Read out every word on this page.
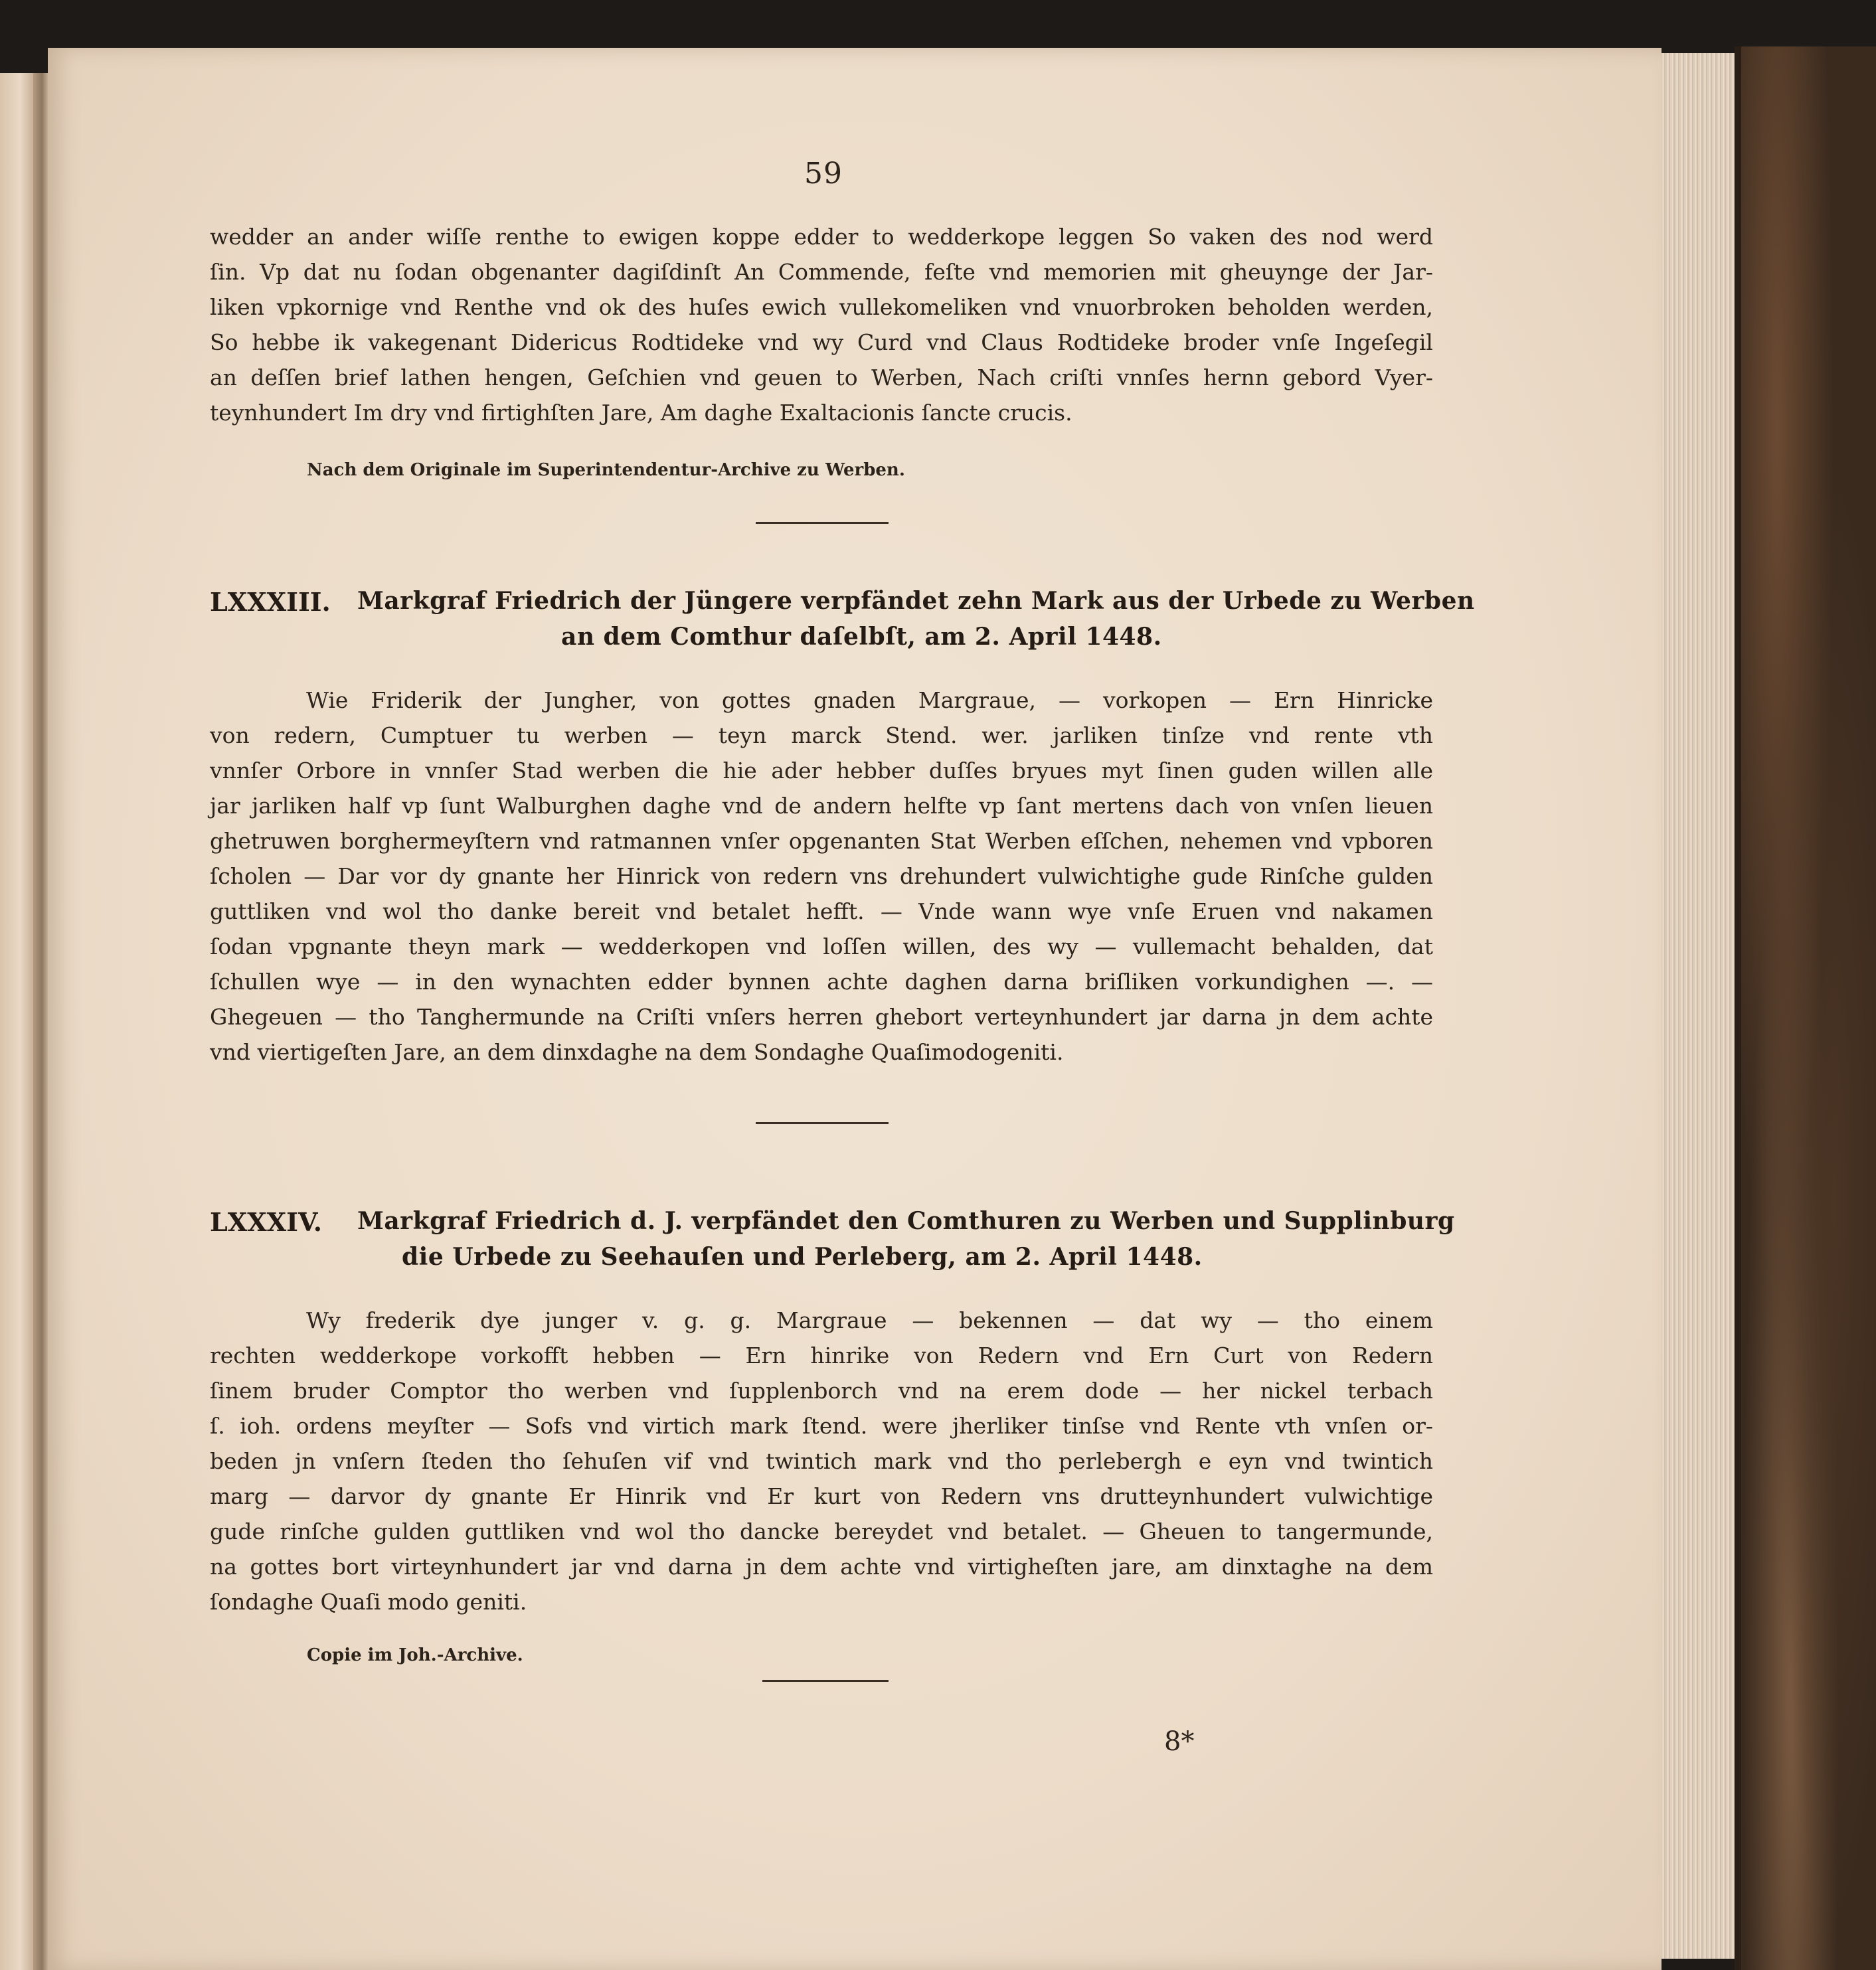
59
wedder an ander wiſſe renthe to ewigen koppe edder to wedderkope leggen So vaken des nod werd
ſin. Vp dat nu ſodan obgenanter dagiſdinſt An Commende, feſte vnd memorien mit gheuynge der Jar-
liken vpkornige vnd Renthe vnd ok des huſes ewich vullekomeliken vnd vnuorbroken beholden werden,
So hebbe ik vakegenant Didericus Rodtideke vnd wy Curd vnd Claus Rodtideke broder vnſe Ingeſegil
an deſſen brief lathen hengen, Geſchien vnd geuen to Werben, Nach criſti vnnſes hernn gebord Vyer-
teynhundert Im dry vnd firtighſten Jare, Am daghe Exaltacionis ſancte crucis.
Nach dem Originale im Superintendentur-Archive zu Werben.
LXXXIII. Markgraf Friedrich der Jüngere verpfändet zehn Mark aus der Urbede zu Werben
an dem Comthur daſelbſt, am 2. April 1448.
Wie Friderik der Jungher, von gottes gnaden Margraue, — vorkopen — Ern Hinricke
von redern, Cumptuer tu werben — teyn marck Stend. wer. jarliken tinſze vnd rente vth
vnnſer Orbore in vnnſer Stad werben die hie ader hebber duſſes bryues myt ſinen guden willen alle
jar jarliken half vp ſunt Walburghen daghe vnd de andern helfte vp ſant mertens dach von vnſen lieuen
ghetruwen borghermeyſtern vnd ratmannen vnſer opgenanten Stat Werben eſſchen, nehemen vnd vpboren
ſcholen — Dar vor dy gnante her Hinrick von redern vns drehundert vulwichtighe gude Rinſche gulden
guttliken vnd wol tho danke bereit vnd betalet hefft. — Vnde wann wye vnſe Eruen vnd nakamen
ſodan vpgnante theyn mark — wedderkopen vnd loſſen willen, des wy — vullemacht behalden, dat
ſchullen wye — in den wynachten edder bynnen achte daghen darna briſliken vorkundighen —. —
Ghegeuen — tho Tanghermunde na Criſti vnſers herren ghebort verteynhundert jar darna jn dem achte
vnd viertigeſten Jare, an dem dinxdaghe na dem Sondaghe Quaſimodogeniti.
LXXXIV. Markgraf Friedrich d. J. verpfändet den Comthuren zu Werben und Supplinburg
die Urbede zu Seehauſen und Perleberg, am 2. April 1448.
Wy frederik dye junger v. g. g. Margraue — bekennen — dat wy — tho einem
rechten wedderkope vorkofft hebben — Ern hinrike von Redern vnd Ern Curt von Redern
ſinem bruder Comptor tho werben vnd ſupplenborch vnd na erem dode — her nickel terbach
ſ. ioh. ordens meyſter — Sofs vnd virtich mark ſtend. were jherliker tinſse vnd Rente vth vnſen or-
beden jn vnſern ſteden tho ſehuſen vif vnd twintich mark vnd tho perlebergh e eyn vnd twintich
marg — darvor dy gnante Er Hinrik vnd Er kurt von Redern vns drutteynhundert vulwichtige
gude rinſche gulden guttliken vnd wol tho dancke bereydet vnd betalet. — Gheuen to tangermunde,
na gottes bort virteynhundert jar vnd darna jn dem achte vnd virtigheſten jare, am dinxtaghe na dem
ſondaghe Quaſi modo geniti.
Copie im Joh.-Archive.
8*
